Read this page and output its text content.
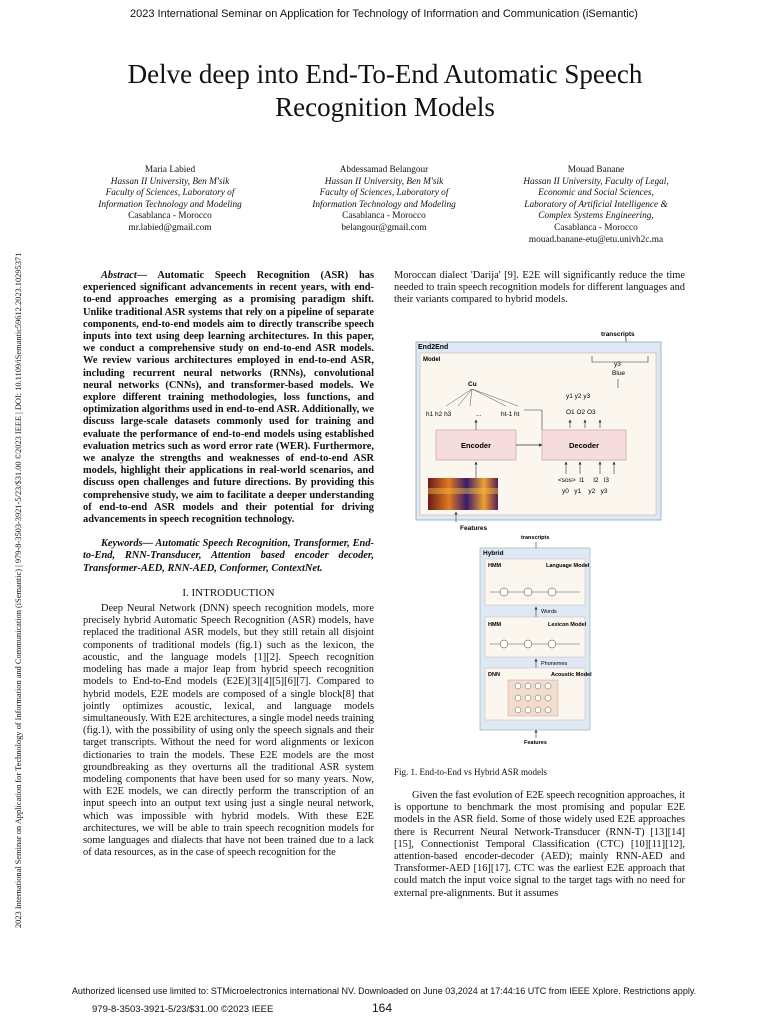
2023 International Seminar on Application for Technology of Information and Communication (iSemantic)
2023 International Seminar on Application for Technology of Information and Communication (iSemantic) | 979-8-3503-3921-5/23/$31.00 ©2023 IEEE | DOI: 10.1109/iSemantic59612.2023.10295371
Delve deep into End-To-End Automatic Speech Recognition Models
Maria Labied
Hassan II University, Ben M'sik
Faculty of Sciences, Laboratory of
Information Technology and Modeling
Casablanca - Morocco
mr.labied@gmail.com
Abdessamad Belangour
Hassan II University, Ben M'sik
Faculty of Sciences, Laboratory of
Information Technology and Modeling
Casablanca - Morocco
belangour@gmail.com
Mouad Banane
Hassan II University, Faculty of Legal,
Economic and Social Sciences,
Laboratory of Artificial Intelligence &
Complex Systems Engineering,
Casablanca - Morocco
mouad.banane-etu@etu.univh2c.ma

Abstract— Automatic Speech Recognition (ASR) has experienced significant advancements in recent years, with end-to-end approaches emerging as a promising paradigm shift. Unlike traditional ASR systems that rely on a pipeline of separate components, end-to-end models aim to directly transcribe speech inputs into text using deep learning architectures. In this paper, we conduct a comprehensive study on end-to-end ASR models. We review various architectures employed in end-to-end ASR, including recurrent neural networks (RNNs), convolutional neural networks (CNNs), and transformer-based models. We explore different training methodologies, loss functions, and optimization algorithms used in end-to-end ASR. Additionally, we discuss large-scale datasets commonly used for training and evaluate the performance of end-to-end models using established evaluation metrics such as word error rate (WER). Furthermore, we analyze the strengths and weaknesses of end-to-end ASR models, highlight their applications in real-world scenarios, and discuss open challenges and future directions. By providing this comprehensive study, we aim to facilitate a deeper understanding of end-to-end ASR models and their potential for driving advancements in speech recognition technology.

Keywords— Automatic Speech Recognition, Transformer, End-to-End, RNN-Transducer, Attention based encoder decoder, Transformer-AED, RNN-AED, Conformer, ContextNet.

I. INTRODUCTION

Deep Neural Network (DNN) speech recognition models, more precisely hybrid Automatic Speech Recognition (ASR) models, have replaced the traditional ASR models, but they still retain all disjoint components of traditional models (fig.1) such as the lexicon, the acoustic, and the language models [1][2]. Speech recognition modeling has made a major leap from hybrid speech recognition models to End-to-End models (E2E)[3][4][5][6][7]. Compared to hybrid models, E2E models are composed of a single block[8] that jointly optimizes acoustic, lexical, and language models simultaneously. With E2E architectures, a single model needs training (fig.1), with the possibility of using only the speech signals and their target transcripts. Without the need for word alignments or lexicon dictionaries to train the models. These E2E models are the most groundbreaking as they overturns all the traditional ASR system modeling components that have been used for so many years. Now, with E2E models, we can directly perform the transcription of an input speech into an output text using just a single neural network, which was impossible with hybrid models. With these E2E architectures, we will be able to train speech recognition models for some languages and dialects that have not been trained due to a lack of data resources, as in the case of speech recognition for the

Moroccan dialect 'Darija' [9]. E2E will significantly reduce the time needed to train speech recognition models for different languages and their variants compared to hybrid models.

transcripts
End2End
Model
y3
Blue
Cu
h1 h2 h3	...	ht-1 ht
y1 y2 y3
O1 O2 O3
Encoder	Decoder
<sos>  l1     l2   l3
y0   y1    y2   y3
Features
transcripts
Hybrid
HMM	Language Model
Words
HMM	Lexicon Model
Phonemes
DNN	Acoustic Model
Features
Fig. 1. End-to-End vs Hybrid ASR models

Given the fast evolution of E2E speech recognition approaches, it is opportune to benchmark the most promising and popular E2E models in the ASR field. Some of those widely used E2E approaches there is Recurrent Neural Network-Transducer (RNN-T) [13][14][15], Connectionist Temporal Classification (CTC) [10][11][12], attention-based encoder-decoder (AED); mainly RNN-AED and Transformer-AED [16][17]. CTC was the earliest E2E approach that could match the input voice signal to the target tags with no need for external pre-alignments. But it assumes

Authorized licensed use limited to: STMicroelectronics international NV. Downloaded on June 03,2024 at 17:44:16 UTC from IEEE Xplore. Restrictions apply.
979-8-3503-3921-5/23/$31.00 ©2023 IEEE	164
